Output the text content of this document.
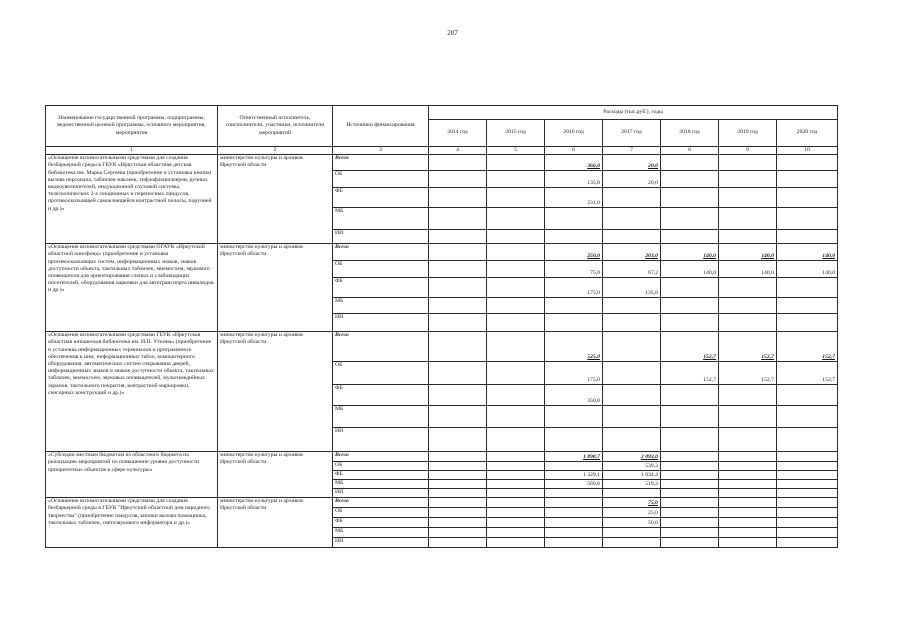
207
Наименование государственной программы, подпрограммы, ведомственной целевой программы, основного мероприятия, мероприятия	Ответственный исполнитель, соисполнители, участники, исполнители мероприятий	Источники финансирования	Расходы (тыс.руб.), годы						
			2014 год	2015 год	2016 год	2017 год	2018 год	2019 год	2020 год
1	2	3	4	5	6	7	8	9	10
«Оснащение вспомогательными средствами для создания безбарьерной среды в ГБУК «Иркутская областная детская библиотека им. Марка Сергеева (приобретение и установка кнопки вызова персонала, табличек-наклеек, тифлофлешплееров, ручных видеоувеличителей, индукционной слуховой системы, телескопических 2-х секционных и переносных пандусов, противоскользящей самоклеящейся контрастной полосы, поручней и др.)»	министерство культуры и архивов Иркутской области	Всего			366,0	20,0			
		ОБ			135,0	20,0			
		ФБ			231,0				
		МБ							
		ИИ							
«Оснащение вспомогательными средствами ОГАУК «Иркутской областной кинофонд» (приобретение и установка противоскользящих систем, информационных знаков, знаков доступности объекта, тактильных табличек, мнемосхем, звукового оповещателя для ориентирования слепых и слабовидящих посетителей, оборудования парковки для автотранспорта инвалидов и др.)»	министерство культуры и архивов Иркутской области	Всего			250,0	203,0	140,0	140,0	140,0
		ОБ			75,0	67,2	140,0	140,0	140,0
		ФБ			175,0	135,8			
		МБ							
		ИИ							
«Оснащение вспомогательными средствами ГБУК «Иркутская областная юношеская библиотека им. И.П. Уткина» (приобретение и установка информационных терминалов и программного обеспечения к ним, информационных табло, компьютерного оборудования, автоматических систем открывания дверей, информационных знаков и знаков доступности объекта, тактильных табличек, мнемосхем, звуковых оповещателей, мультимедийных экранов, тактильного покрытия, контрастной маркировки, сенсорных конструкций и др.)»	министерство культуры и архивов Иркутской области	Всего			525,0		152,7	152,7	152,7
		ОБ			175,0		152,7	152,7	152,7
		ФБ			350,0				
		МБ							
		ИИ							
«Субсидии местным бюджетам из областного бюджета на реализацию мероприятий по повышению уровня доступности приоритетных объектов в сфере культуры»	министерство культуры и архивов Иркутской области	Всего			1 898,7	2 093,0			
		ОБ				539,3			
		ФБ			1 329,1	1 034,4			
		МБ			569,6	519,3			
		ИИ							
«Оснащение вспомогательными средствами для создания безбарьерной среды в ГБУК "Иркутский областной дом народного творчества" (приобретение пандусов, кнопки вызова помощника, тактильных табличек, светозвукового информатора и др.)»	министерство культуры и архивов Иркутской области	Всего				75,0			
		ОБ				25,0			
		ФБ				50,0			
		МБ							
		ИИ							
